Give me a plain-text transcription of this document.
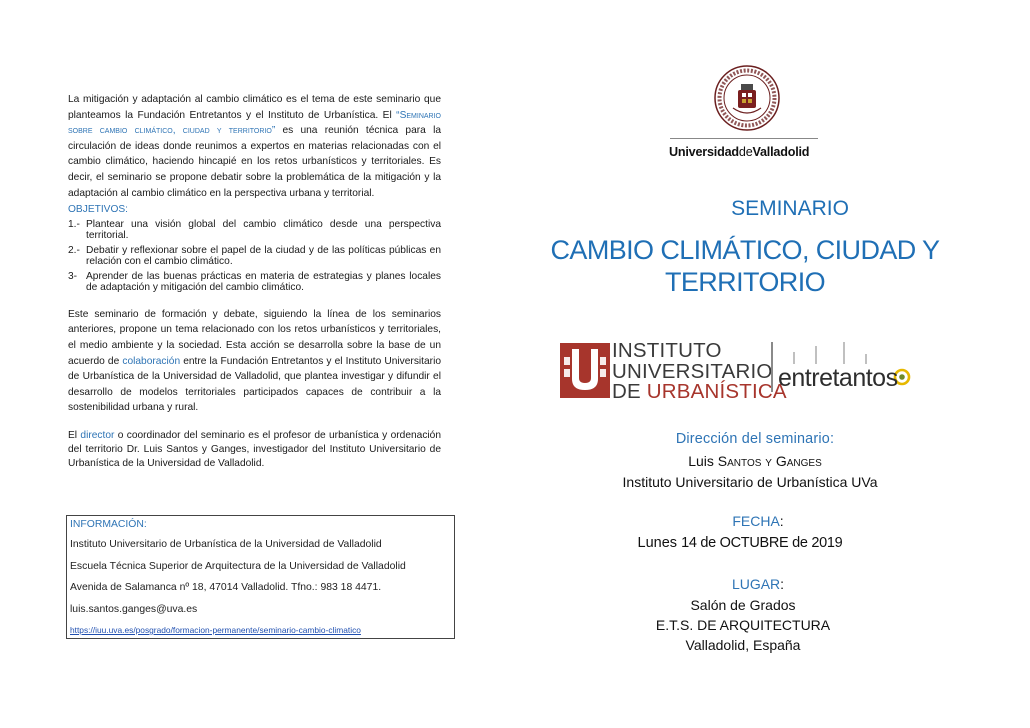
La mitigación y adaptación al cambio climático es el tema de este seminario que planteamos la Fundación Entretantos y el Instituto de Urbanística. El “Seminario sobre cambio climático, ciudad y territorio” es una reunión técnica para la circulación de ideas donde reunimos a expertos en materias relacionadas con el cambio climático, haciendo hincapié en los retos urbanísticos y territoriales. Es decir, el seminario se propone debatir sobre la problemática de la mitigación y la adaptación al cambio climático en la perspectiva urbana y territorial.

OBJETIVOS:
1.- Plantear una visión global del cambio climático desde una perspectiva territorial.
2.- Debatir y reflexionar sobre el papel de la ciudad y de las políticas públicas en relación con el cambio climático.
3- Aprender de las buenas prácticas en materia de estrategias y planes locales de adaptación y mitigación del cambio climático.

Este seminario de formación y debate, siguiendo la línea de los seminarios anteriores, propone un tema relacionado con los retos urbanísticos y territoriales, el medio ambiente y la sociedad. Esta acción se desarrolla sobre la base de un acuerdo de colaboración entre la Fundación Entretantos y el Instituto Universitario de Urbanística de la Universidad de Valladolid, que plantea investigar y difundir el desarrollo de modelos territoriales participados capaces de contribuir a la sostenibilidad urbana y rural.

El director o coordinador del seminario es el profesor de urbanística y ordenación del territorio Dr. Luis Santos y Ganges, investigador del Instituto Universitario de Urbanística de la Universidad de Valladolid.

INFORMACIÓN:
Instituto Universitario de Urbanística de la Universidad de Valladolid
Escuela Técnica Superior de Arquitectura de la Universidad de Valladolid
Avenida de Salamanca nº 18, 47014 Valladolid. Tfno.: 983 18 4471.
luis.santos.ganges@uva.es
https://iuu.uva.es/posgrado/formacion-permanente/seminario-cambio-climatico
UniversidaddeValladolid
SEMINARIO
CAMBIO CLIMÁTICO, CIUDAD Y
TERRITORIO
INSTITUTO
UNIVERSITARIO
DE URBANÍSTICA
entretantos
Dirección del seminario:
Luis Santos y Ganges
Instituto Universitario de Urbanística UVa
FECHA:
Lunes 14 de OCTUBRE de 2019
LUGAR:
Salón de Grados
E.T.S. DE ARQUITECTURA
Valladolid, España
